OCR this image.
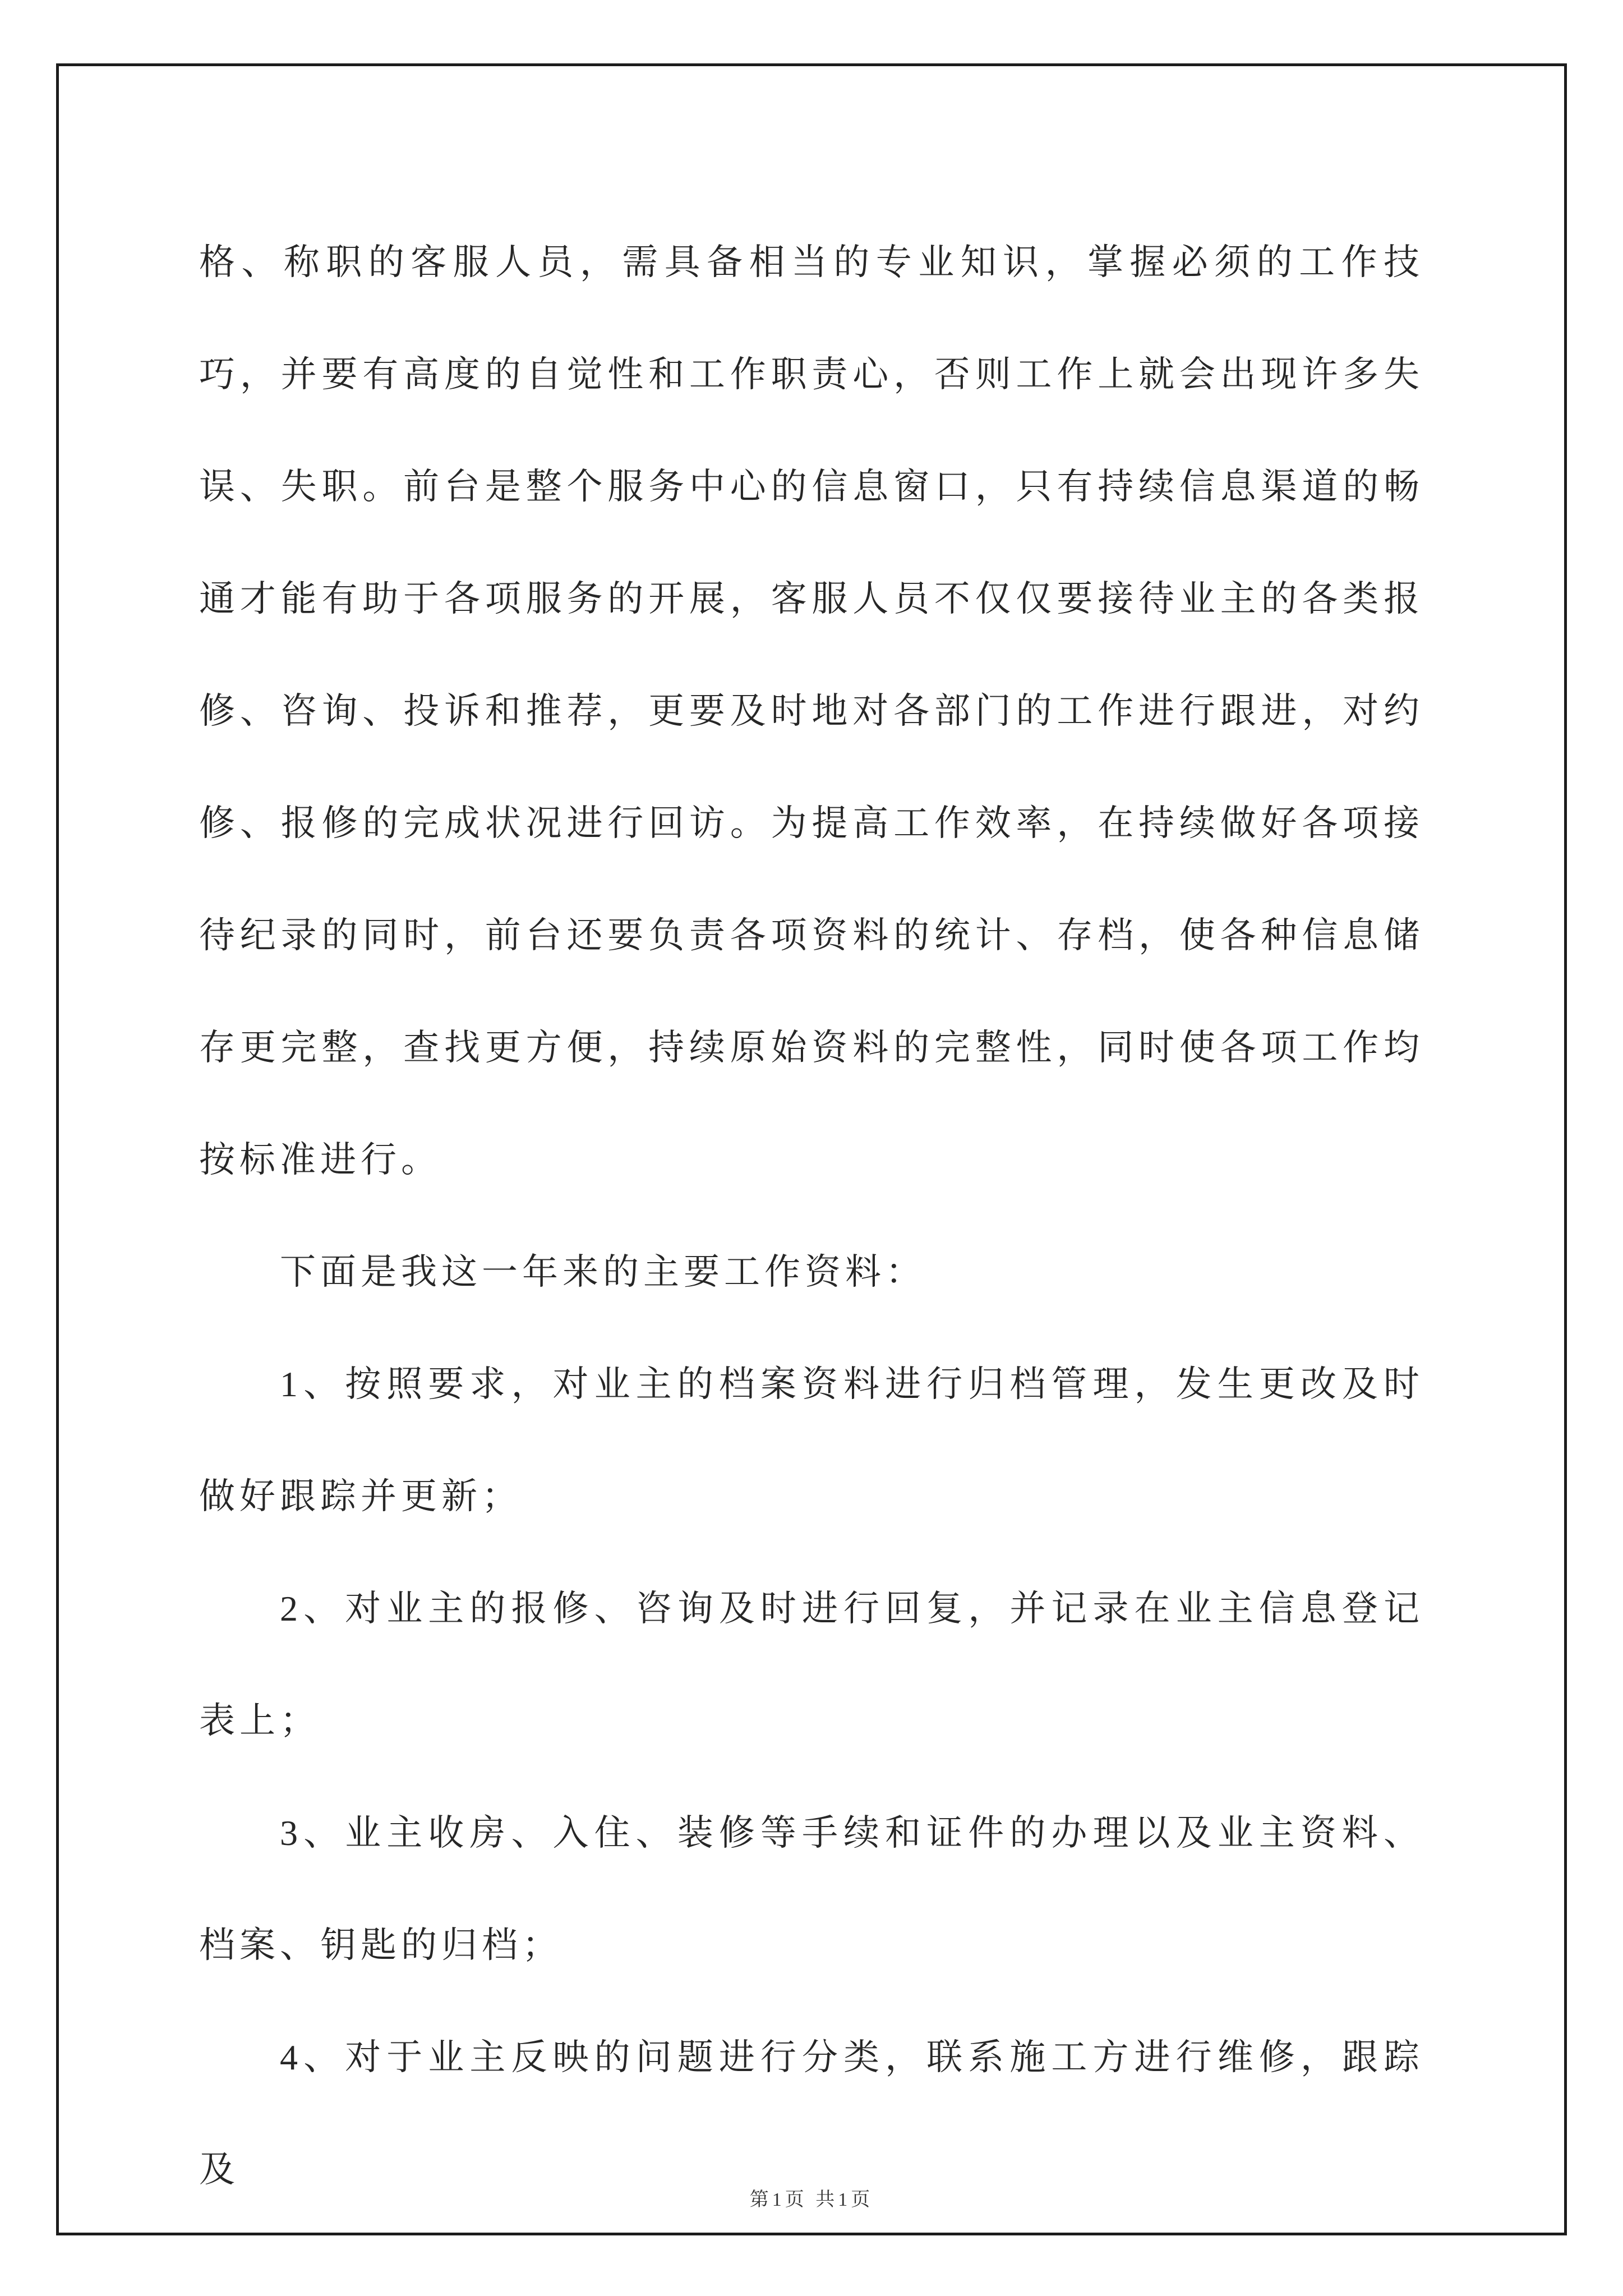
格、称职的客服人员，需具备相当的专业知识，掌握必须的工作技巧，并要有高度的自觉性和工作职责心，否则工作上就会出现许多失误、失职。前台是整个服务中心的信息窗口，只有持续信息渠道的畅通才能有助于各项服务的开展，客服人员不仅仅要接待业主的各类报修、咨询、投诉和推荐，更要及时地对各部门的工作进行跟进，对约修、报修的完成状况进行回访。为提高工作效率，在持续做好各项接待纪录的同时，前台还要负责各项资料的统计、存档，使各种信息储存更完整，查找更方便，持续原始资料的完整性，同时使各项工作均按标准进行。

下面是我这一年来的主要工作资料：

1、按照要求，对业主的档案资料进行归档管理，发生更改及时做好跟踪并更新；

2、对业主的报修、咨询及时进行回复，并记录在业主信息登记表上；

3、业主收房、入住、装修等手续和证件的办理以及业主资料、档案、钥匙的归档；

4、对于业主反映的问题进行分类，联系施工方进行维修，跟踪及

第1页 共1页
